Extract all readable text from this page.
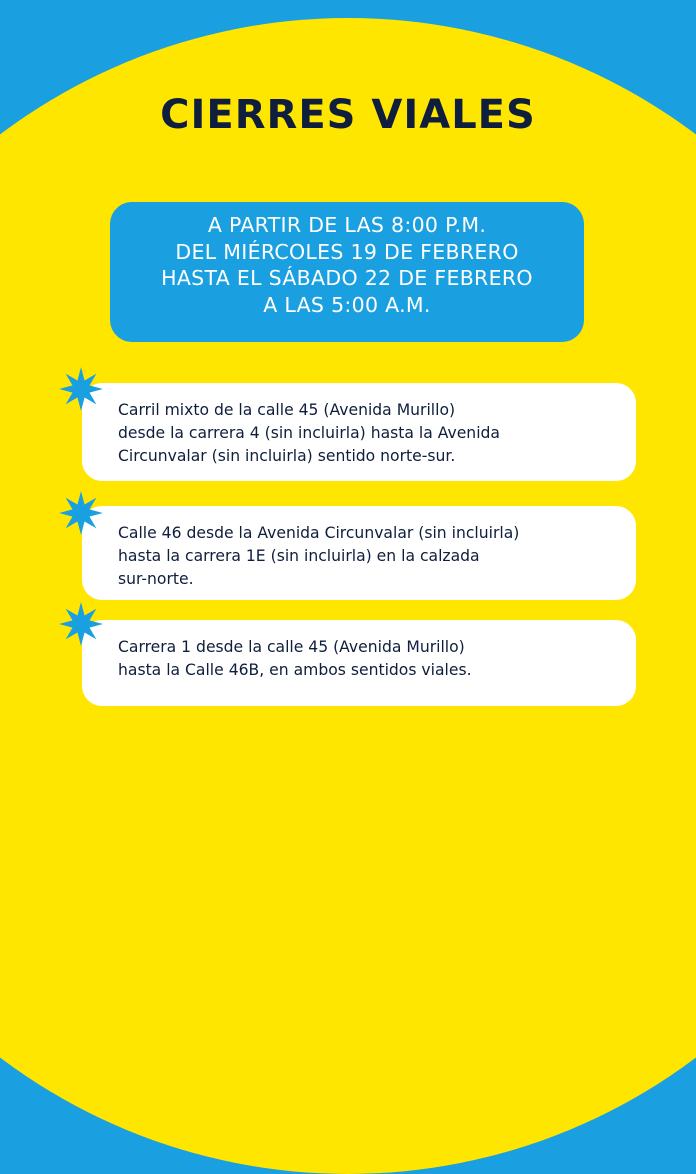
CIERRES VIALES
A PARTIR DE LAS 8:00 P.M.
DEL MIÉRCOLES 19 DE FEBRERO
HASTA EL SÁBADO 22 DE FEBRERO
A LAS 5:00 A.M.
Carril mixto de la calle 45 (Avenida Murillo)
desde la carrera 4 (sin incluirla) hasta la Avenida
Circunvalar (sin incluirla) sentido norte-sur.
Calle 46 desde la Avenida Circunvalar (sin incluirla)
hasta la carrera 1E (sin incluirla) en la calzada
sur-norte.
Carrera 1 desde la calle 45 (Avenida Murillo)
hasta la Calle 46B, en ambos sentidos viales.
